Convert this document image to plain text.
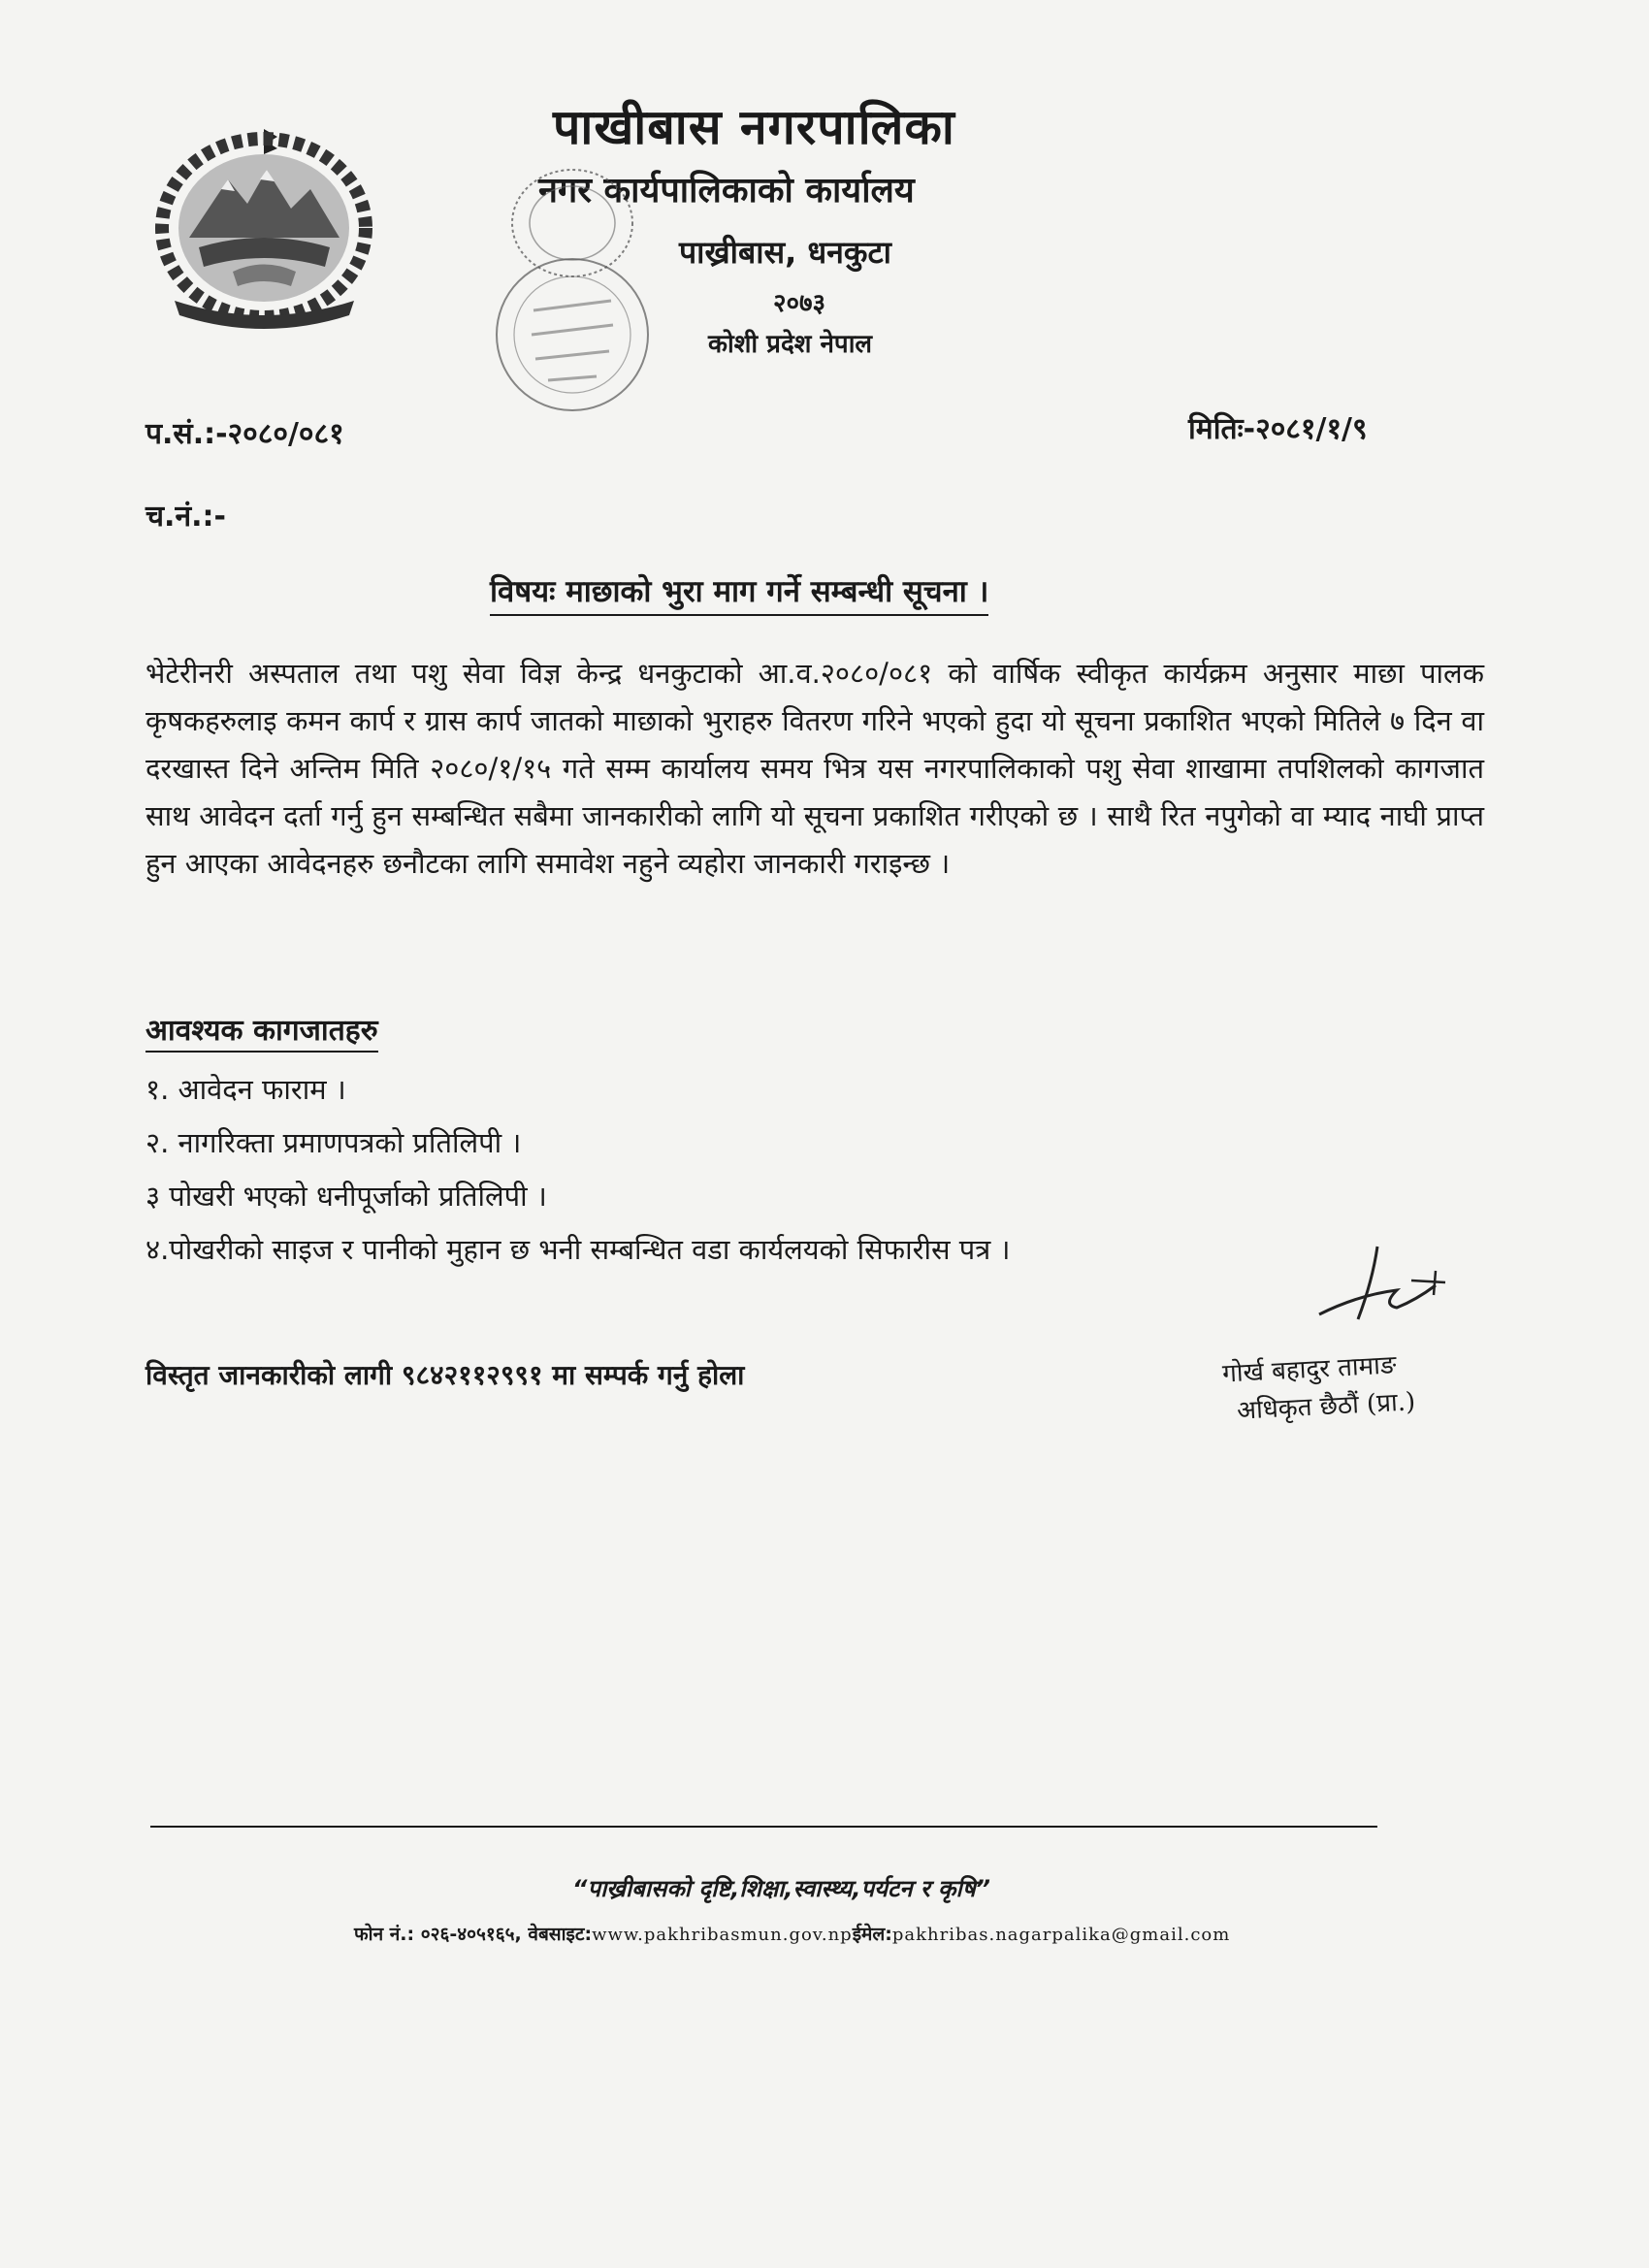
पाखीबास नगरपालिका
नगर कार्यपालिकाको कार्यालय
पाख्रीबास, धनकुटा
२०७३
कोशी प्रदेश नेपाल
प.सं.:-२०८०/०८१	मितिः-२०८१/१/९
च.नं.:-
विषयः माछाको भुरा माग गर्ने सम्बन्धी सूचना ।
भेटेरीनरी अस्पताल तथा पशु सेवा विज्ञ केन्द्र धनकुटाको आ.व.२०८०/०८१ को वार्षिक स्वीकृत कार्यक्रम अनुसार माछा पालक कृषकहरुलाइ कमन कार्प र ग्रास कार्प जातको माछाको भुराहरु वितरण गरिने भएको हुदा यो सूचना प्रकाशित भएको मितिले ७ दिन वा दरखास्त दिने अन्तिम मिति २०८०/१/१५ गते सम्म कार्यालय समय भित्र यस नगरपालिकाको पशु सेवा शाखामा तपशिलको कागजात साथ आवेदन दर्ता गर्नु हुन सम्बन्धित सबैमा जानकारीको लागि यो सूचना प्रकाशित गरीएको छ । साथै रित नपुगेको वा म्याद नाघी प्राप्त हुन आएका आवेदनहरु छनौटका लागि समावेश नहुने व्यहोरा जानकारी गराइन्छ ।
आवश्यक कागजातहरु
१. आवेदन फाराम ।
२. नागरिक्ता प्रमाणपत्रको प्रतिलिपी ।
३ पोखरी भएको धनीपूर्जाको प्रतिलिपी ।
४.पोखरीको साइज र पानीको मुहान छ भनी सम्बन्धित वडा कार्यलयको सिफारीस पत्र ।
गोर्ख बहादुर तामाङ
अधिकृत छैठौं (प्रा.)
विस्तृत जानकारीको लागी ९८४२११२९९१ मा सम्पर्क गर्नु होला
“पाख्रीबासको दृष्टि,शिक्षा,स्वास्थ्य,पर्यटन र कृषि”
फोन नं.: ०२६-४०५१६५, वेबसाइट:www.pakhribasmun.gov.npईमेल:pakhribas.nagarpalika@gmail.com
